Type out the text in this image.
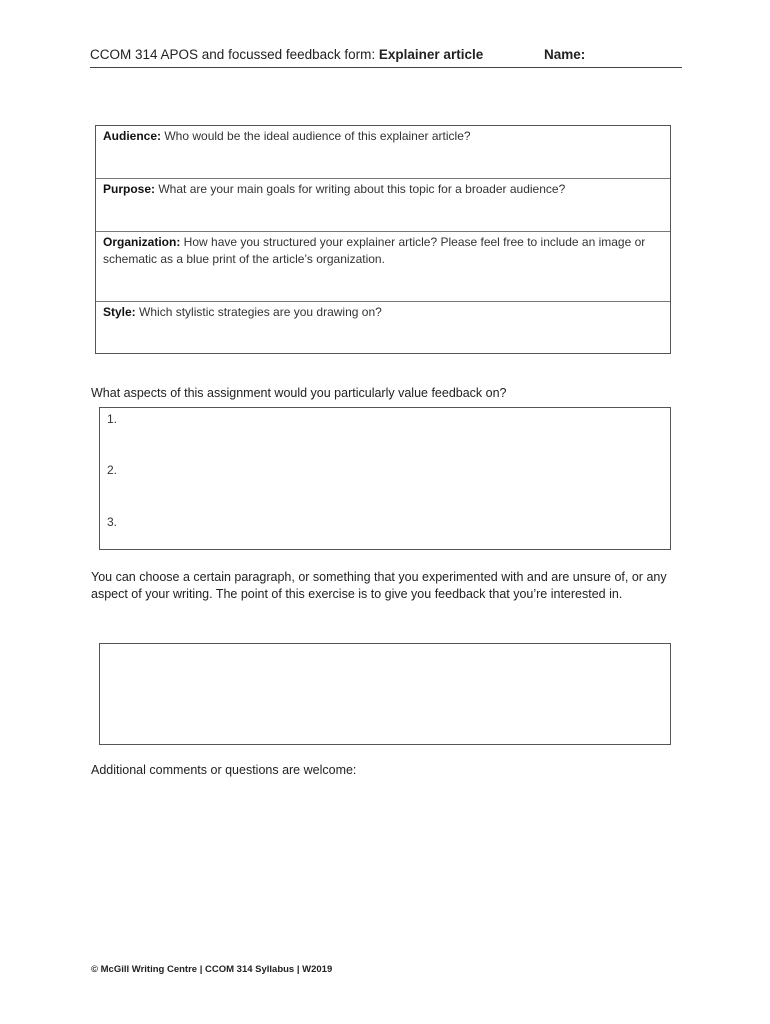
CCOM 314 APOS and focussed feedback form: Explainer article	Name:
Audience: Who would be the ideal audience of this explainer article?
Purpose: What are your main goals for writing about this topic for a broader audience?
Organization: How have you structured your explainer article? Please feel free to include an image or schematic as a blue print of the article’s organization.
Style: Which stylistic strategies are you drawing on?
What aspects of this assignment would you particularly value feedback on?
1.
2.
3.
You can choose a certain paragraph, or something that you experimented with and are unsure of, or any aspect of your writing. The point of this exercise is to give you feedback that you’re interested in.
Additional comments or questions are welcome:
© McGill Writing Centre | CCOM 314 Syllabus | W2019
